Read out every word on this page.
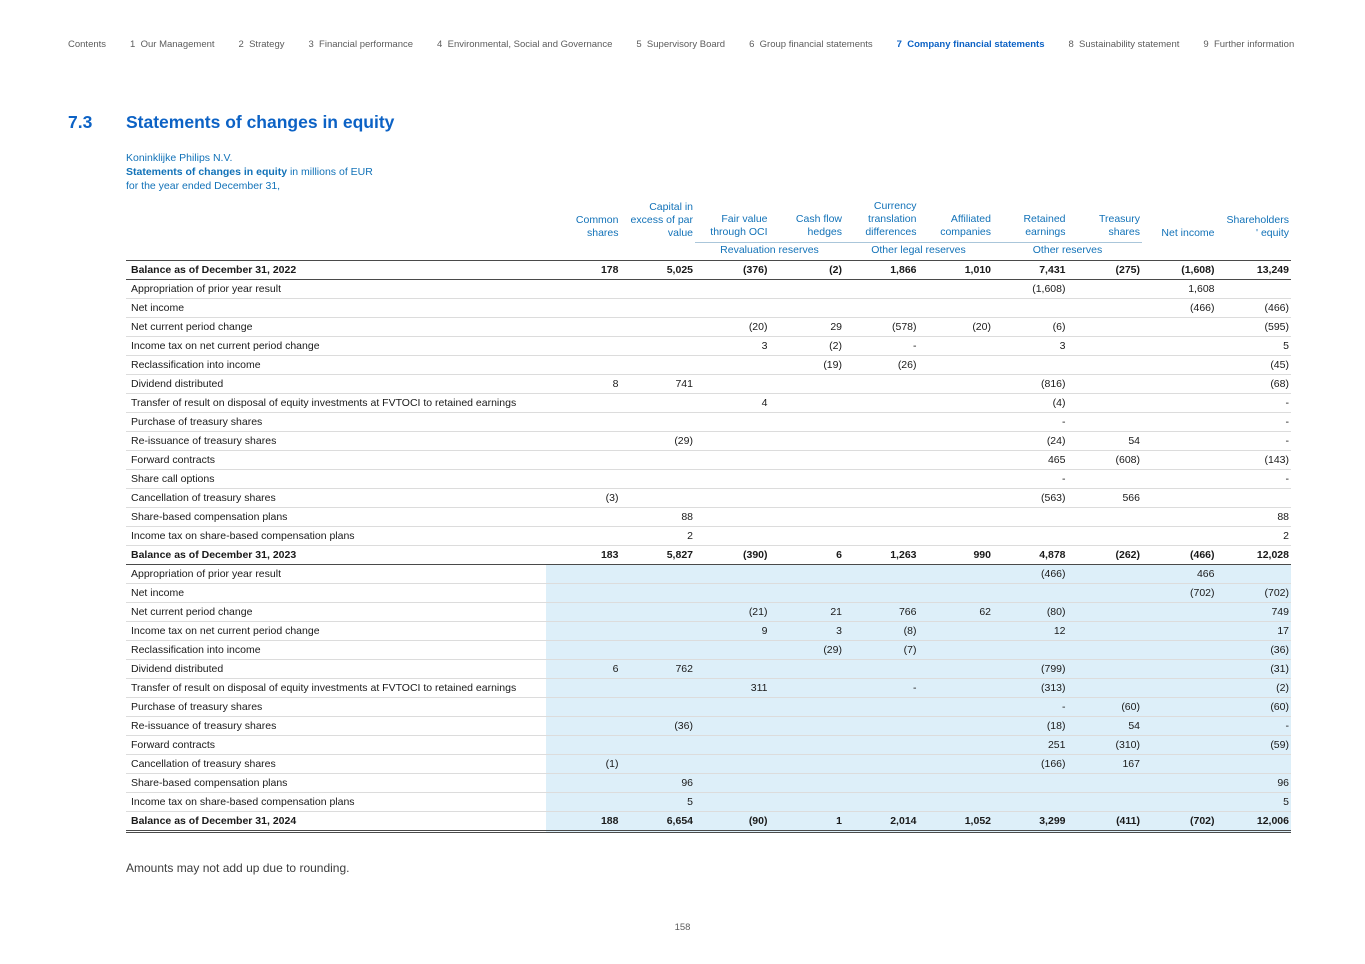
Contents	1  Our Management	2  Strategy	3  Financial performance	4  Environmental, Social and Governance	5  Supervisory Board	6  Group financial statements	7  Company financial statements	8  Sustainability statement	9  Further information
7.3	Statements of changes in equity
Koninklijke Philips N.V.
Statements of changes in equity in millions of EUR
for the year ended December 31,
	Common
shares	Capital in
excess of par
value	Fair value
through OCI	Cash flow
hedges	Currency
translation
differences	Affiliated
companies	Retained
earnings	Treasury
shares	Net income	Shareholders
' equity
			Revaluation reserves		Other legal reserves		Other reserves			
Balance as of December 31, 2022	178	5,025	(376)	(2)	1,866	1,010	7,431	(275)	(1,608)	13,249
Appropriation of prior year result							(1,608)		1,608	
Net income									(466)	(466)
Net current period change			(20)	29	(578)	(20)	(6)			(595)
Income tax on net current period change			3	(2)	-		3			5
Reclassification into income				(19)	(26)					(45)
Dividend distributed	8	741					(816)			(68)
Transfer of result on disposal of equity investments at FVTOCI to retained earnings			4				(4)			-
Purchase of treasury shares							-			-
Re-issuance of treasury shares		(29)					(24)	54		-
Forward contracts							465	(608)		(143)
Share call options							-			-
Cancellation of treasury shares	(3)						(563)	566		
Share-based compensation plans		88								88
Income tax on share-based compensation plans		2								2
Balance as of December 31, 2023	183	5,827	(390)	6	1,263	990	4,878	(262)	(466)	12,028
Appropriation of prior year result							(466)		466	
Net income									(702)	(702)
Net current period change			(21)	21	766	62	(80)			749
Income tax on net current period change			9	3	(8)		12			17
Reclassification into income				(29)	(7)					(36)
Dividend distributed	6	762					(799)			(31)
Transfer of result on disposal of equity investments at FVTOCI to retained earnings			311		-		(313)			(2)
Purchase of treasury shares							-	(60)		(60)
Re-issuance of treasury shares		(36)					(18)	54		-
Forward contracts							251	(310)		(59)
Cancellation of treasury shares	(1)						(166)	167		
Share-based compensation plans		96								96
Income tax on share-based compensation plans		5								5
Balance as of December 31, 2024	188	6,654	(90)	1	2,014	1,052	3,299	(411)	(702)	12,006
Amounts may not add up due to rounding.
158
